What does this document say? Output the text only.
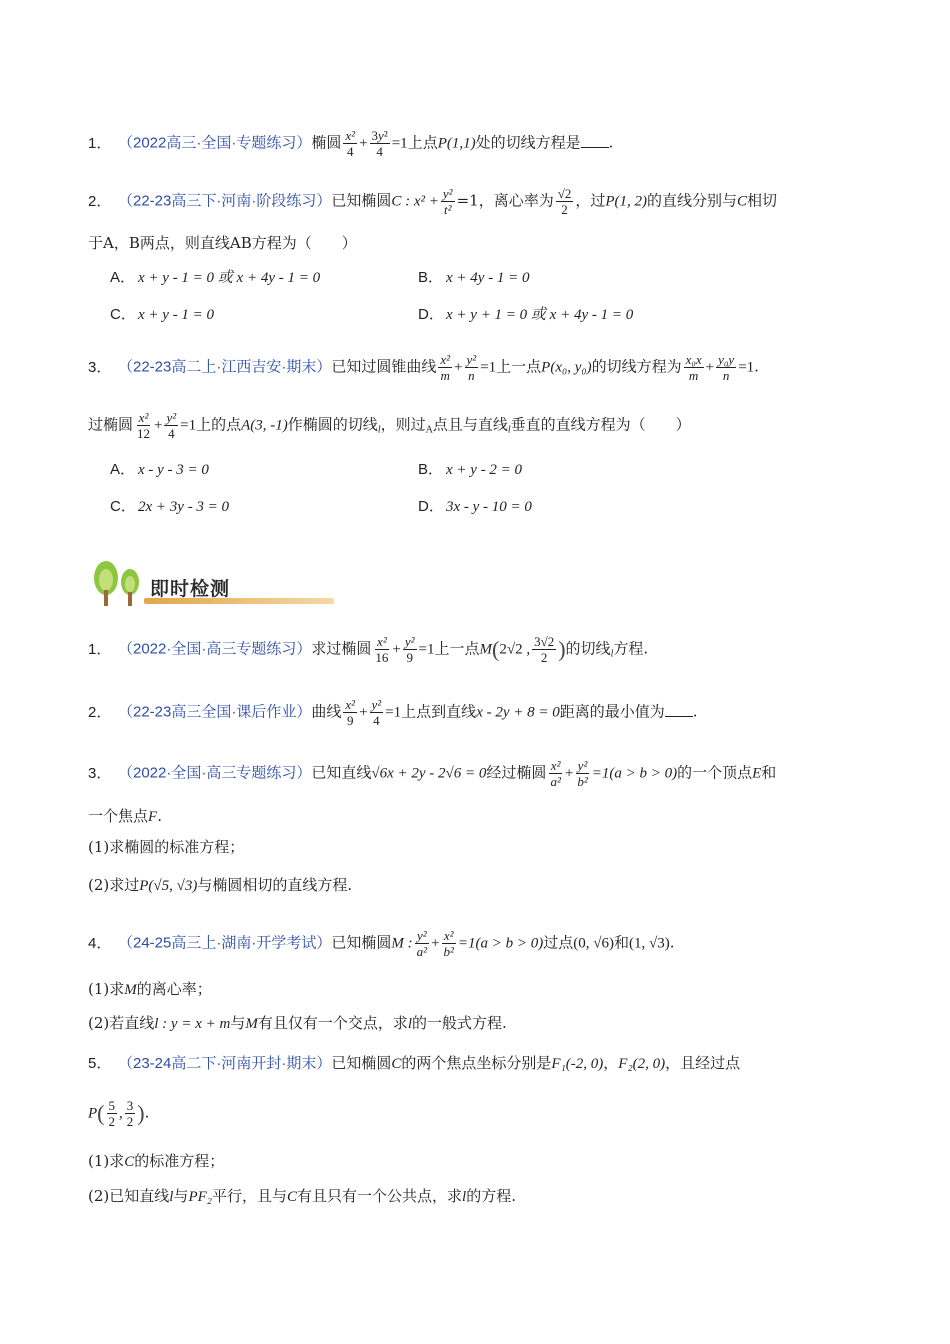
1． （2022高三·全国·专题练习）椭圆 $\frac{\text{x²}}{4} + \frac{\text{3y²}}{4} =1$上点P(1,1)处的切线方程是 .
2． （22-23高三下·河南·阶段练习）已知椭圆C : $x^2 + \frac{\text{y²}}{\text{t²}} =1$，离心率为 $\frac{√2}{2}$ ，过P(1, 2)的直线分别与C相切
于A，B两点，则直线AB方程为（　　）
A． x + y - 1 = 0 或 x + 4y - 1 = 0	B． x + 4y - 1 = 0
C． x + y - 1 = 0	D． x + y + 1 = 0 或 x + 4y - 1 = 0
3． （22-23高二上·江西吉安·期末）已知过圆锥曲线 $\frac{\text{x²}}{m} + \frac{\text{y²}}{n} =1$上一点P(x₀, y₀)的切线方程为 $\frac{\text{x₀x}}{m} + \frac{\text{y₀y}}{n} =1$.
过椭圆 $\frac{\text{x²}}{12} + \frac{\text{y²}}{4} =1$上的点A(3, -1)作椭圆的切线$_l$，则过$_A$点且与直线$_l$垂直的直线方程为（　　）
A． x - y - 3 = 0	B． x + y - 2 = 0
C． 2x + 3y - 3 = 0	D． 3x - y - 10 = 0
即时检测
1． （2022·全国·高三专题练习）求过椭圆 $\frac{\text{x²}}{16} + \frac{\text{y²}}{9} =1$上一点M(2√2 , $\frac{3√2}{2}$ )的切线$_l$方程.
2． （22-23高三全国·课后作业）曲线 $\frac{\text{x²}}{9} + \frac{\text{y²}}{4} =1$上点到直线x - 2y + 8 = 0距离的最小值为 .
3． （2022·全国·高三专题练习）已知直线√6x + 2y - 2√6 = 0经过椭圆 $\frac{\text{x²}}{\text{a²}} + \frac{\text{y²}}{\text{b²}} =1(a > b > 0)$的一个顶点E和
一个焦点F.
(1)求椭圆的标准方程；
(2)求过P(√5, √3)与椭圆相切的直线方程.
4． （24-25高三上·湖南·开学考试）已知椭圆M : $\frac{\text{y²}}{\text{a²}} + \frac{\text{x²}}{\text{b²}} =1(a > b > 0)$过点(0, √6)和(1, √3).
(1)求M的离心率；
(2)若直线l : y = x + m与M有且仅有一个交点，求l的一般式方程.
5． （23-24高二下·河南开封·期末）已知椭圆C的两个焦点坐标分别是F₁(-2, 0)，F₂(2, 0)，且经过点
$P( \frac{5}{2}$ , $\frac{3}{2}$ ).
(1)求C的标准方程；
(2)已知直线l与PF₂平行，且与C有且只有一个公共点，求l的方程.
